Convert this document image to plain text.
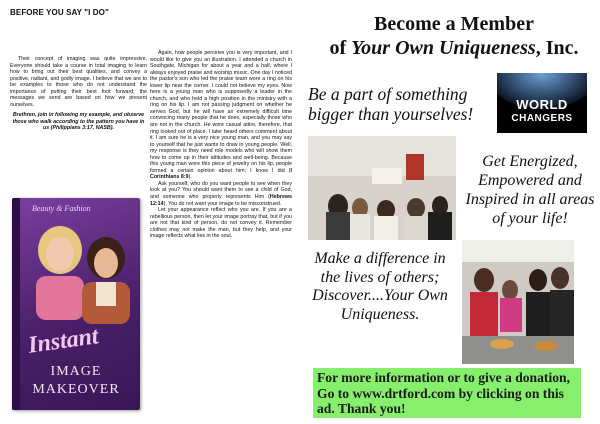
BEFORE YOU SAY "I DO"

Their concept of imaging was quite impressive. Everyone should take a course in total imaging to learn how to bring out their best qualities, and convey a positive, radiant, and godly image. I believe that we are to be examples to those who do not understand the importance of putting their best foot forward; the messages we send are based on how we present ourselves.

Brethren, join in following my example, and observe those who walk according to the pattern you have in us (Philippians 3:17, NASB).

Again, how people perceive you is very important, and I would like to give you an illustration. I attended a church in Southgate, Michigan for about a year and a half, where I always enjoyed praise and worship music. One day I noticed the pastor's son who led the praise team wore a ring on his lower lip near the corner. I could not believe my eyes. Now here is a young man who is supposedly a leader in the church, and who held a high position in the ministry with a ring on his lip. I am not passing judgment on whether he serves God, but he will have an extremely difficult time convincing many people that he does, especially those who are not in the church. He wore casual attire, therefore, that ring looked out of place. I later heard others comment about it. I am sure he is a very nice young man, and you may say to yourself that he just wants to draw in young people. Well, my response is they need role models who will show them how to come up in their attitudes and well-being. Because this young man wore this piece of jewelry on his lip, people formed a certain opinion about him; I know I did (I Corinthians 8:9).

Ask yourself, who do you want people to see when they look at you? You should want them to see a child of God, and someone who properly represents Him (Hebrews 12:14). You do not want your image to be misconstrued.

Let your appearance reflect who you are. If you are a rebellious person, then let your image portray that, but if you are not that kind of person, do not convey it. Remember clothes may not make the man, but they help, and your image reflects what lies in the soul.

Beauty & Fashion
Instant
IMAGE
MAKEOVER
Become a Member
of Your Own Uniqueness, Inc.
Be a part of something bigger than yourselves!	WORLD
CHANGERS
Get Energized, Empowered and Inspired in all areas of your life!
Make a difference in the lives of others; Discover....Your Own Uniqueness.
For more information or to give a donation, Go to www.drtford.com by clicking on this ad. Thank you!
